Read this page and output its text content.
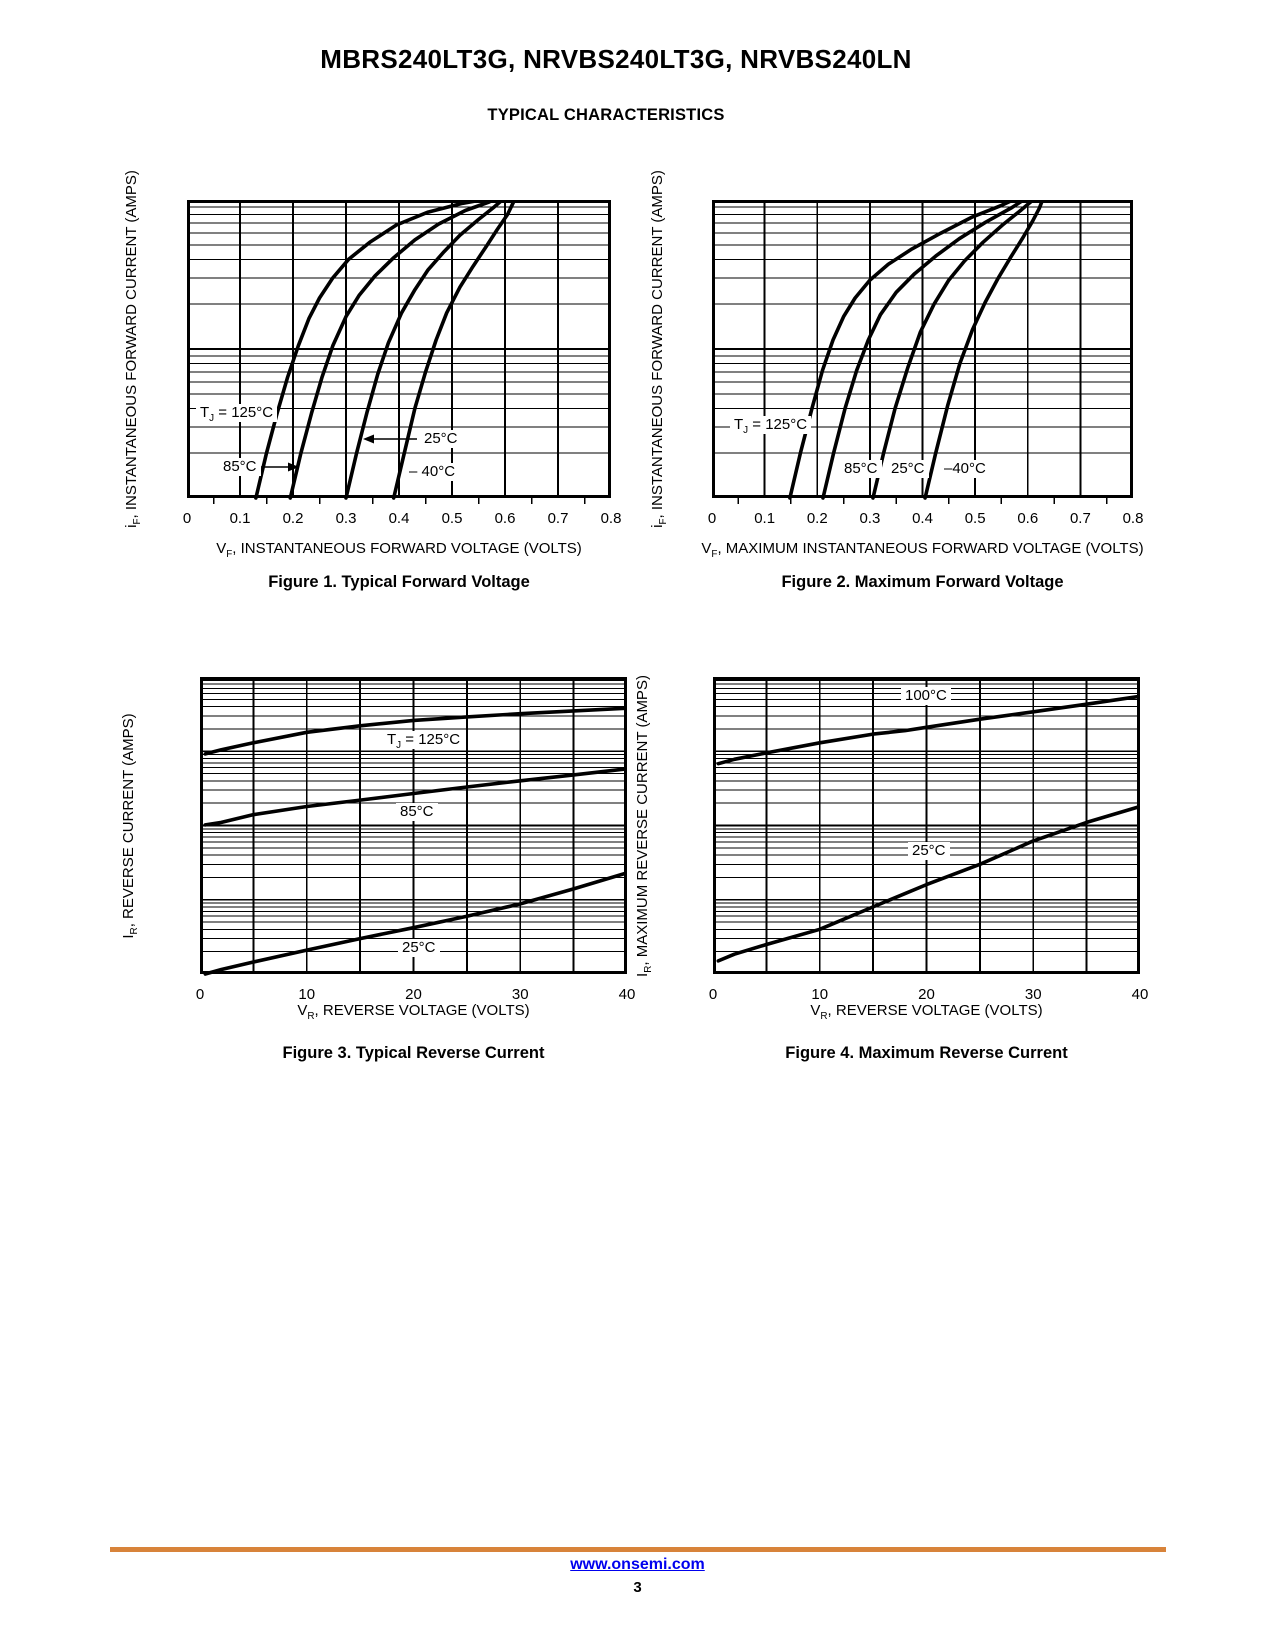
MBRS240LT3G, NRVBS240LT3G, NRVBS240LN
TYPICAL CHARACTERISTICS
0	0.1 0.2 0.3 0.4 0.5 0.6 0.7 0.8
$V_F$, INSTANTANEOUS FORWARD VOLTAGE (VOLTS)
$i_F$, INSTANTANEOUS FORWARD CURRENT (AMPS)	$T_J = 125^\circ C$
25°C
85°C	– 40°C
Figure 1. Typical Forward Voltage
0	0.1 0.2 0.3 0.4 0.5 0.6 0.7 0.8
$V_F$, MAXIMUM INSTANTANEOUS FORWARD VOLTAGE (VOLTS)
$i_F$, INSTANTANEOUS FORWARD CURRENT (AMPS)	$T_J = 125^\circ C$
85°C 25°C –40°C
Figure 2. Maximum Forward Voltage
0	10	20	30	40
$V_R$, REVERSE VOLTAGE (VOLTS)
$I_R$, REVERSE CURRENT (AMPS)	$T_J = 125^\circ C$
85°C
25°C
Figure 3. Typical Reverse Current
0	10	20	30	40
$V_R$, REVERSE VOLTAGE (VOLTS)
$I_R$, MAXIMUM REVERSE CURRENT (AMPS)	100°C
25°C
Figure 4. Maximum Reverse Current
www.onsemi.com
3
